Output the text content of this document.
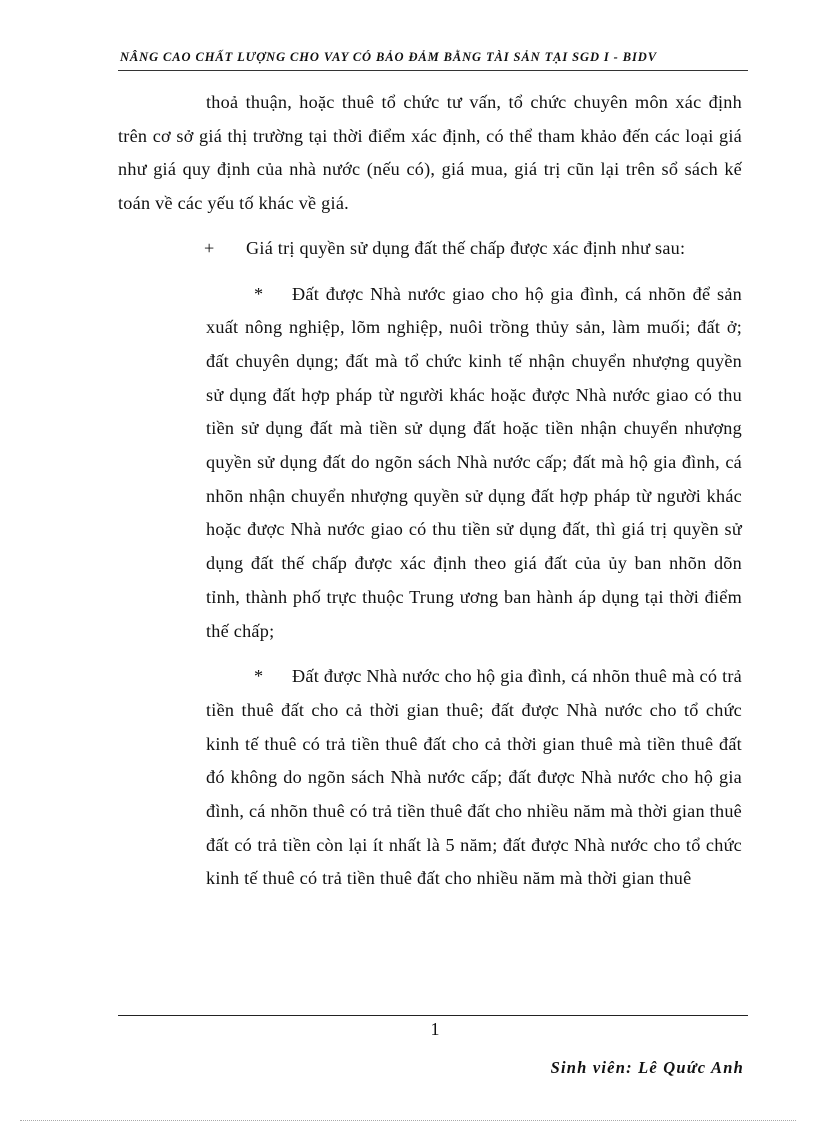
NÂNG CAO CHẤT LƯỢNG CHO VAY CÓ BẢO ĐẢM BẰNG TÀI SẢN TẠI SGD I - BIDV

thoả thuận, hoặc thuê tổ chức tư vấn, tổ chức chuyên môn xác định trên cơ sở giá thị trường tại thời điểm xác định, có thể tham khảo đến các loại giá như giá quy định của nhà nước (nếu có), giá mua, giá trị cũn lại trên sổ sách kế toán về các yếu tố khác về giá.

+ Giá trị quyền sử dụng đất thế chấp được xác định như sau:

* Đất được Nhà nước giao cho hộ gia đình, cá nhõn để sản xuất nông nghiệp, lõm nghiệp, nuôi trồng thủy sản, làm muối; đất ở; đất chuyên dụng; đất mà tổ chức kinh tế nhận chuyển nhượng quyền sử dụng đất hợp pháp từ người khác hoặc được Nhà nước giao có thu tiền sử dụng đất mà tiền sử dụng đất hoặc tiền nhận chuyển nhượng quyền sử dụng đất do ngõn sách Nhà nước cấp; đất mà hộ gia đình, cá nhõn nhận chuyển nhượng quyền sử dụng đất hợp pháp từ người khác hoặc được Nhà nước giao có thu tiền sử dụng đất, thì giá trị quyền sử dụng đất thế chấp được xác định theo giá đất của ủy ban nhõn dõn tỉnh, thành phố trực thuộc Trung ương ban hành áp dụng tại thời điểm thế chấp;

* Đất được Nhà nước cho hộ gia đình, cá nhõn thuê mà có trả tiền thuê đất cho cả thời gian thuê; đất được Nhà nước cho tổ chức kinh tế thuê có trả tiền thuê đất cho cả thời gian thuê mà tiền thuê đất đó không do ngõn sách Nhà nước cấp; đất được Nhà nước cho hộ gia đình, cá nhõn thuê có trả tiền thuê đất cho nhiều năm mà thời gian thuê đất có trả tiền còn lại ít nhất là 5 năm; đất được Nhà nước cho tổ chức kinh tế thuê có trả tiền thuê đất cho nhiều năm mà thời gian thuê

1
Sinh viên: Lê Quức Anh
